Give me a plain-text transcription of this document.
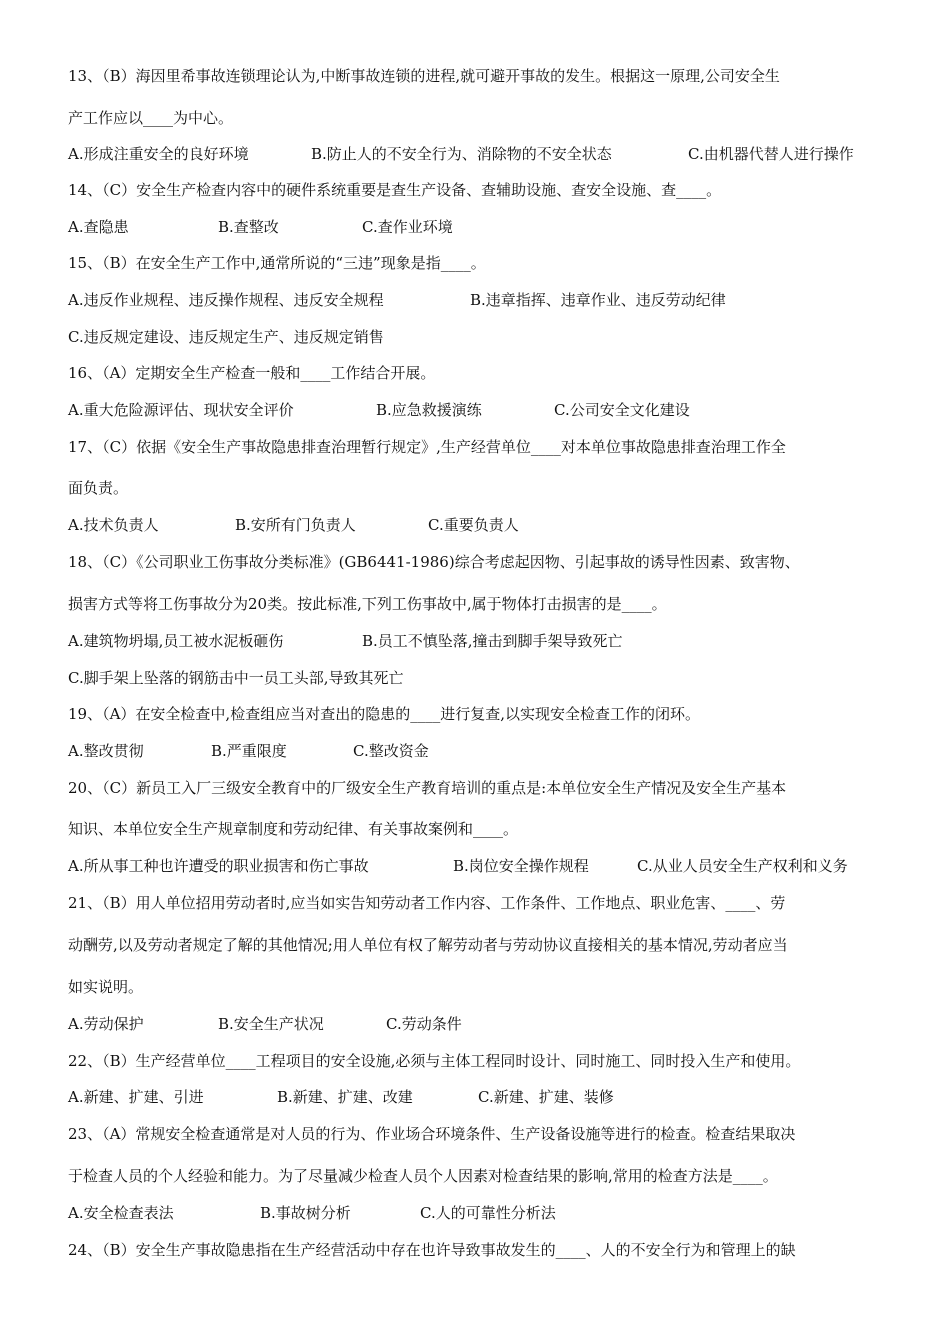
13、（B）海因里希事故连锁理论认为,中断事故连锁的进程,就可避开事故的发生。根据这一原理,公司安全生
产工作应以____为中心。
A.形成注重安全的良好环境	B.防止人的不安全行为、消除物的不安全状态	C.由机器代替人进行操作
14、（C）安全生产检查内容中的硬件系统重要是查生产设备、查辅助设施、查安全设施、查____。
A.查隐患	B.查整改	C.查作业环境
15、（B）在安全生产工作中,通常所说的“三违”现象是指____。
A.违反作业规程、违反操作规程、违反安全规程	B.违章指挥、违章作业、违反劳动纪律
C.违反规定建设、违反规定生产、违反规定销售
16、（A）定期安全生产检查一般和____工作结合开展。
A.重大危险源评估、现状安全评价	B.应急救援演练	C.公司安全文化建设
17、（C）依据《安全生产事故隐患排查治理暂行规定》,生产经营单位____对本单位事故隐患排查治理工作全
面负责。
A.技术负责人	B.安所有门负责人	C.重要负责人
18、（C）《公司职业工伤事故分类标准》(GB6441-1986)综合考虑起因物、引起事故的诱导性因素、致害物、
损害方式等将工伤事故分为20类。按此标准,下列工伤事故中,属于物体打击损害的是____。
A.建筑物坍塌,员工被水泥板砸伤	B.员工不慎坠落,撞击到脚手架导致死亡
C.脚手架上坠落的钢筋击中一员工头部,导致其死亡
19、（A）在安全检查中,检查组应当对查出的隐患的____进行复查,以实现安全检查工作的闭环。
A.整改贯彻	B.严重限度	C.整改资金
20、（C）新员工入厂三级安全教育中的厂级安全生产教育培训的重点是:本单位安全生产情况及安全生产基本
知识、本单位安全生产规章制度和劳动纪律、有关事故案例和____。
A.所从事工种也许遭受的职业损害和伤亡事故	B.岗位安全操作规程	C.从业人员安全生产权利和义务
21、（B）用人单位招用劳动者时,应当如实告知劳动者工作内容、工作条件、工作地点、职业危害、____、劳
动酬劳,以及劳动者规定了解的其他情况;用人单位有权了解劳动者与劳动协议直接相关的基本情况,劳动者应当
如实说明。
A.劳动保护	B.安全生产状况	C.劳动条件
22、（B）生产经营单位____工程项目的安全设施,必须与主体工程同时设计、同时施工、同时投入生产和使用。
A.新建、扩建、引进	B.新建、扩建、改建	C.新建、扩建、装修
23、（A）常规安全检查通常是对人员的行为、作业场合环境条件、生产设备设施等进行的检查。检查结果取决
于检查人员的个人经验和能力。为了尽量减少检查人员个人因素对检查结果的影响,常用的检查方法是____。
A.安全检查表法	B.事故树分析	C.人的可靠性分析法
24、（B）安全生产事故隐患指在生产经营活动中存在也许导致事故发生的____、人的不安全行为和管理上的缺
